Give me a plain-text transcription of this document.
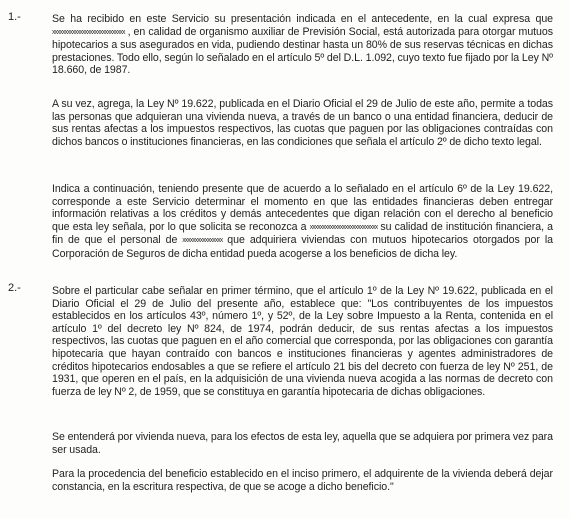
1.-	Se ha recibido en este Servicio su presentación indicada en el antecedente, en la cual expresa que xxxxxxxxxxxxxxxxxxxxxxxxxxxxx , en calidad de organismo auxiliar de Previsión Social, está autorizada para otorgar mutuos hipotecarios a sus asegurados en vida, pudiendo destinar hasta un 80% de sus reservas técnicas en dichas prestaciones. Todo ello, según lo señalado en el artículo 5º del D.L. 1.092, cuyo texto fue fijado por la Ley Nº 18.660, de 1987.

A su vez, agrega, la Ley Nº 19.622, publicada en el Diario Oficial el 29 de Julio de este año, permite a todas las personas que adquieran una vivienda nueva, a través de un banco o una entidad financiera, deducir de sus rentas afectas a los impuestos respectivos, las cuotas que paguen por las obligaciones contraídas con dichos bancos o instituciones financieras, en las condiciones que señala el artículo 2º de dicho texto legal.

Indica a continuación, teniendo presente que de acuerdo a lo señalado en el artículo 6º de la Ley 19.622, corresponde a este Servicio determinar el momento en que las entidades financieras deben entregar información relativas a los créditos y demás antecedentes que digan relación con el derecho al beneficio que esta ley señala, por lo que solicita se reconozca a xxxxxxxxxxxxxxxxxxxxxxxxxxx su calidad de institución financiera, a fin de que el personal de xxxxxxxxxxxxxxxx que adquiriera viviendas con mutuos hipotecarios otorgados por la Corporación de Seguros de dicha entidad pueda acogerse a los beneficios de dicha ley.

2.-	Sobre el particular cabe señalar en primer término, que el artículo 1º de la Ley Nº 19.622, publicada en el Diario Oficial el 29 de Julio del presente año, establece que: "Los contribuyentes de los impuestos establecidos en los artículos 43º, número 1º, y 52º, de la Ley sobre Impuesto a la Renta, contenida en el artículo 1º del decreto ley Nº 824, de 1974, podrán deducir, de sus rentas afectas a los impuestos respectivos, las cuotas que paguen en el año comercial que corresponda, por las obligaciones con garantía hipotecaria que hayan contraído con bancos e instituciones financieras y agentes administradores de créditos hipotecarios endosables a que se refiere el artículo 21 bis del decreto con fuerza de ley Nº 251, de 1931, que operen en el país, en la adquisición de una vivienda nueva acogida a las normas de decreto con fuerza de ley Nº 2, de 1959, que se constituya en garantía hipotecaria de dichas obligaciones.

Se entenderá por vivienda nueva, para los efectos de esta ley, aquella que se adquiera por primera vez para ser usada.

Para la procedencia del beneficio establecido en el inciso primero, el adquirente de la vivienda deberá dejar constancia, en la escritura respectiva, de que se acoge a dicho beneficio."
